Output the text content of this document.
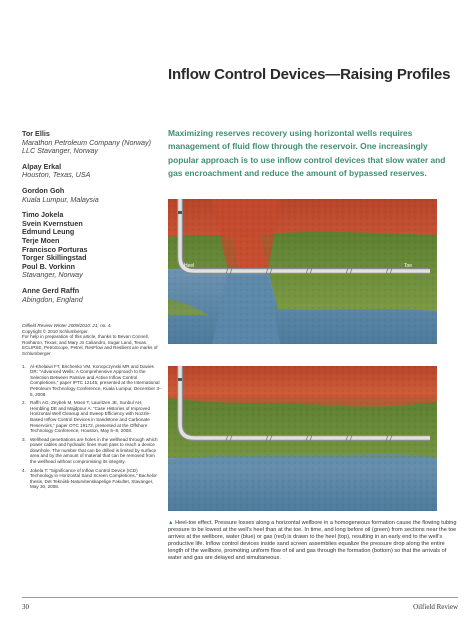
Inflow Control Devices—Raising Profiles
Tor Ellis
Marathon Petroleum Company (Norway) LLC Stavanger, Norway
Alpay Erkal
Houston, Texas, USA
Gordon Goh
Kuala Lumpur, Malaysia
Timo Jokela
Svein Kvernstuen
Edmund Leung
Terje Moen
Francisco Porturas
Torger Skillingstad
Poul B. Vorkinn
Stavanger, Norway
Anne Gerd Raffn
Abingdon, England
Oilfield Review Winter 2009/2010: 21, no. 4.
Copyright © 2010 Schlumberger.
For help in preparation of this article, thanks to Bevan Connell, Rosharon, Texas; and Mary Jo Caliandro, Sugar Land, Texas.
ECLIPSE, PetroScope, Petrel, ResFlow and Resilient are marks of Schlumberger.
1. Al-Khelaiwi FT, Birchenko VM, Konopczynski MR and Davies DR: “Advanced Wells: A Comprehensive Approach to the Selection Between Passive and Active Inflow Control Completions,” paper IPTC 12145, presented at the International Petroleum Technology Conference, Kuala Lumpur, December 3–5, 2008.
2. Raffn AG, Zeybek M, Moen T, Lauritzen JE, Sunbul AH, Hembling DE and Majdpour A: “Case Histories of Improved Horizontal Well Cleanup and Sweep Efficiency with Nozzle-Based Inflow Control Devices in Sandstone and Carbonate Reservoirs,” paper OTC 19172, presented at the Offshore Technology Conference, Houston, May 5–8, 2008.
3. Wellhead penetrations are holes in the wellhead through which power cables and hydraulic lines must pass to reach a device downhole. The number that can be drilled is limited by surface area and by the amount of material that can be removed from the wellhead without compromising its integrity.
4. Jokela T: “Significance of Inflow Control Device (ICD) Technology in Horizontal Sand Screen Completions,” Bachelor thesis, Det Tekniisk-Naturvitenskapelige Fakultet, Stavanger, May 30, 2008.

Maximizing reserves recovery using horizontal wells requires management of fluid flow through the reservoir. One increasingly popular approach is to use inflow control devices that slow water and gas encroachment and reduce the amount of bypassed reserves.

Heel	Toe
▲ Heel-toe effect. Pressure losses along a horizontal wellbore in a homogeneous formation cause the flowing tubing pressure to be lowest at the well’s heel than at the toe. In time, and long before oil (green) from sections near the toe arrives at the wellbore, water (blue) or gas (red) is drawn to the heel (top), resulting in an early end to the well’s productive life. Inflow control devices inside sand screen assemblies equalize the pressure drop along the entire length of the wellbore, promoting uniform flow of oil and gas through the formation (bottom) so that the arrivals of water and gas are delayed and simultaneous.
30	Oilfield Review
